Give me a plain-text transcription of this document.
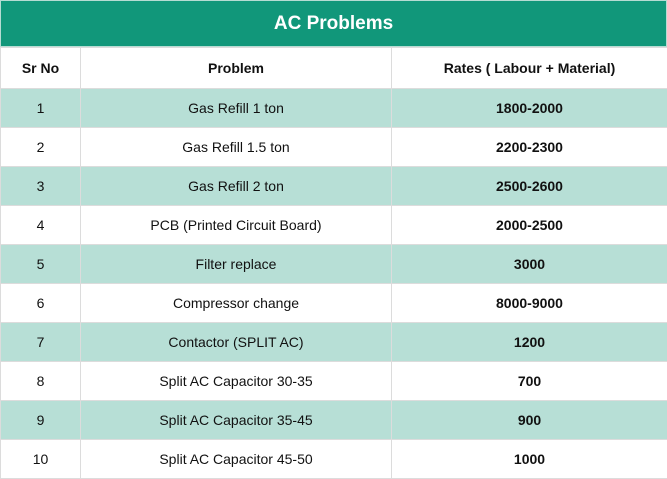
AC Problems
Sr No	Problem	Rates ( Labour + Material)
1	Gas Refill 1 ton	1800-2000
2	Gas Refill 1.5 ton	2200-2300
3	Gas Refill 2 ton	2500-2600
4	PCB (Printed Circuit Board)	2000-2500
5	Filter replace	3000
6	Compressor change	8000-9000
7	Contactor (SPLIT AC)	1200
8	Split AC Capacitor 30-35	700
9	Split AC Capacitor 35-45	900
10	Split AC Capacitor 45-50	1000
